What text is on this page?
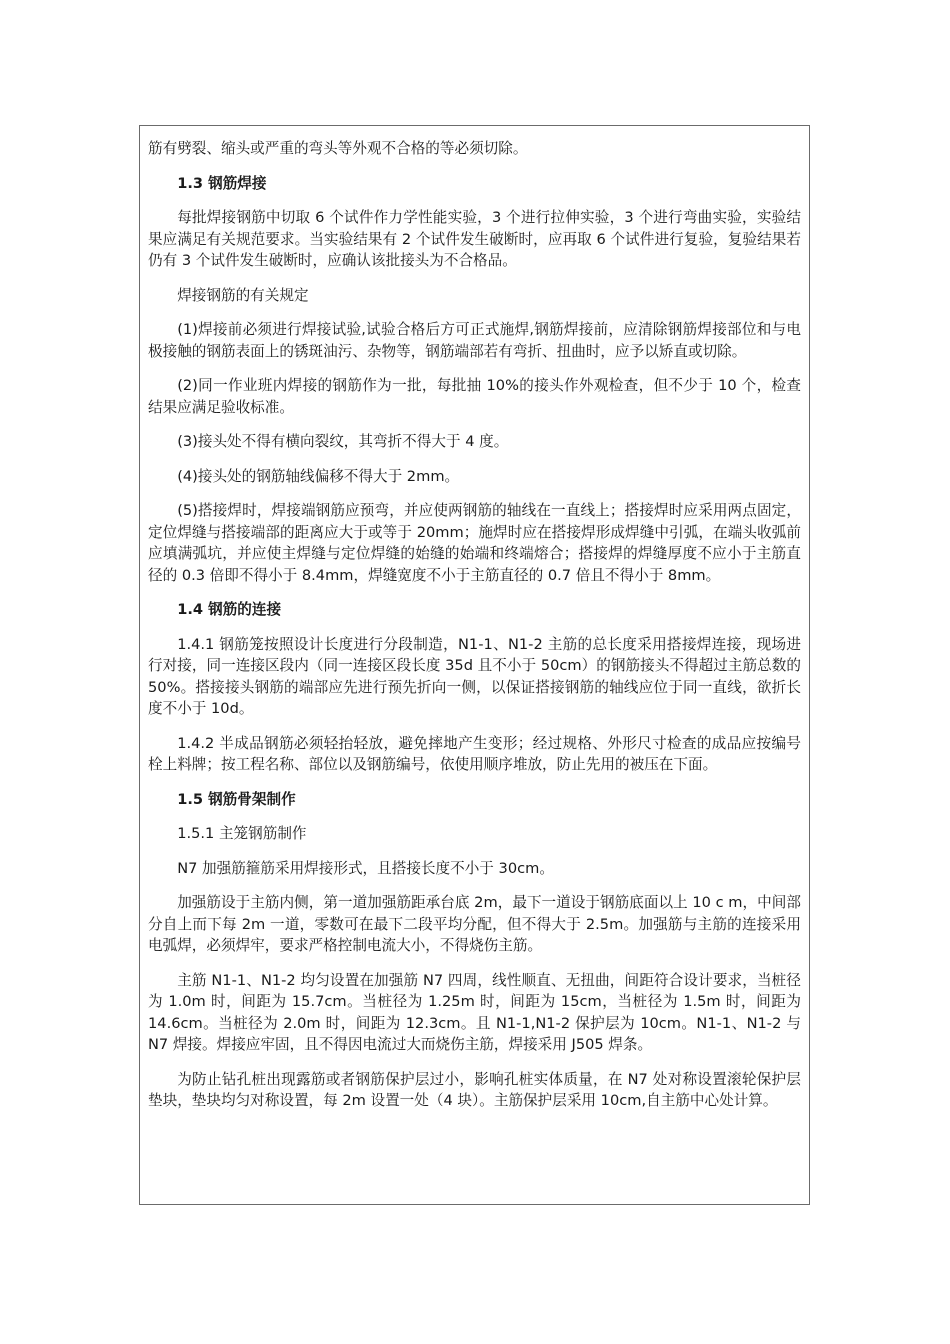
筋有劈裂、缩头或严重的弯头等外观不合格的等必须切除。

1.3 钢筋焊接

每批焊接钢筋中切取 6 个试件作力学性能实验，3 个进行拉伸实验，3 个进行弯曲实验，实验结果应满足有关规范要求。当实验结果有 2 个试件发生破断时，应再取 6 个试件进行复验，复验结果若仍有 3 个试件发生破断时，应确认该批接头为不合格品。

焊接钢筋的有关规定

(1)焊接前必须进行焊接试验,试验合格后方可正式施焊,钢筋焊接前，应清除钢筋焊接部位和与电极接触的钢筋表面上的锈斑油污、杂物等，钢筋端部若有弯折、扭曲时，应予以矫直或切除。

(2)同一作业班内焊接的钢筋作为一批，每批抽 10%的接头作外观检查，但不少于 10 个，检查结果应满足验收标准。

(3)接头处不得有横向裂纹，其弯折不得大于 4 度。

(4)接头处的钢筋轴线偏移不得大于 2mm。

(5)搭接焊时，焊接端钢筋应预弯，并应使两钢筋的轴线在一直线上；搭接焊时应采用两点固定，定位焊缝与搭接端部的距离应大于或等于 20mm；施焊时应在搭接焊形成焊缝中引弧，在端头收弧前应填满弧坑，并应使主焊缝与定位焊缝的始缝的始端和终端熔合；搭接焊的焊缝厚度不应小于主筋直径的 0.3 倍即不得小于 8.4mm，焊缝宽度不小于主筋直径的 0.7 倍且不得小于 8mm。

1.4 钢筋的连接

1.4.1 钢筋笼按照设计长度进行分段制造，N1-1、N1-2 主筋的总长度采用搭接焊连接，现场进行对接，同一连接区段内（同一连接区段长度 35d 且不小于 50cm）的钢筋接头不得超过主筋总数的 50%。搭接接头钢筋的端部应先进行预先折向一侧，以保证搭接钢筋的轴线应位于同一直线，欲折长度不小于 10d。

1.4.2 半成品钢筋必须轻抬轻放，避免摔地产生变形；经过规格、外形尺寸检查的成品应按编号栓上料牌；按工程名称、部位以及钢筋编号，依使用顺序堆放，防止先用的被压在下面。

1.5 钢筋骨架制作

1.5.1 主笼钢筋制作

N7 加强筋箍筋采用焊接形式，且搭接长度不小于 30cm。

加强筋设于主筋内侧，第一道加强筋距承台底 2m，最下一道设于钢筋底面以上 10 c m，中间部分自上而下每 2m 一道，零数可在最下二段平均分配，但不得大于 2.5m。加强筋与主筋的连接采用电弧焊，必须焊牢，要求严格控制电流大小，不得烧伤主筋。

主筋 N1-1、N1-2 均匀设置在加强筋 N7 四周，线性顺直、无扭曲，间距符合设计要求，当桩径为 1.0m 时，间距为 15.7cm。当桩径为 1.25m 时，间距为 15cm，当桩径为 1.5m 时，间距为 14.6cm。当桩径为 2.0m 时，间距为 12.3cm。且 N1-1,N1-2 保护层为 10cm。N1-1、N1-2 与 N7 焊接。焊接应牢固，且不得因电流过大而烧伤主筋，焊接采用 J505 焊条。

为防止钻孔桩出现露筋或者钢筋保护层过小，影响孔桩实体质量，在 N7 处对称设置滚轮保护层垫块，垫块均匀对称设置，每 2m 设置一处（4 块）。主筋保护层采用 10cm,自主筋中心处计算。
